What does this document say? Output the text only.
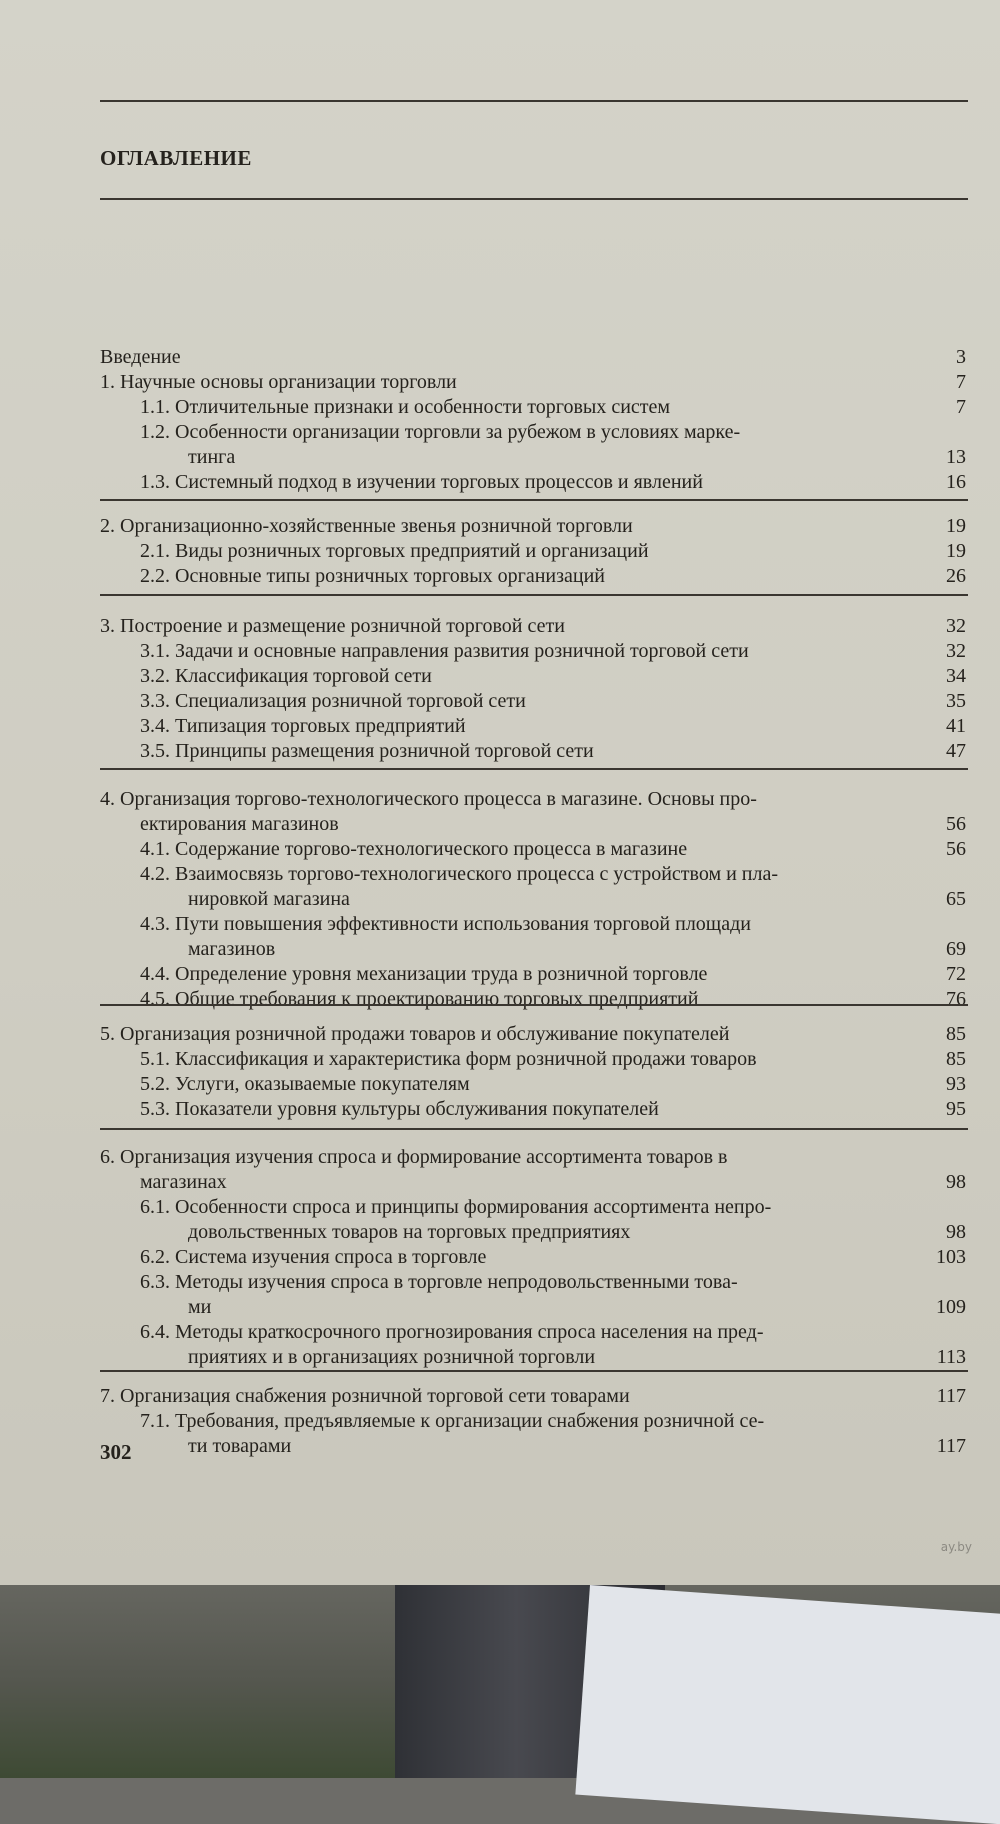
ОГЛАВЛЕНИЕ
Введение	3
1. Научные основы организации торговли	7
1.1. Отличительные признаки и особенности торговых систем	7
1.2. Особенности организации торговли за рубежом в условиях марке-
тинга	13
1.3. Системный подход в изучении торговых процессов и явлений	16
2. Организационно-хозяйственные звенья розничной торговли	19
2.1. Виды розничных торговых предприятий и организаций	19
2.2. Основные типы розничных торговых организаций	26
3. Построение и размещение розничной торговой сети	32
3.1. Задачи и основные направления развития розничной торговой сети	32
3.2. Классификация торговой сети	34
3.3. Специализация розничной торговой сети	35
3.4. Типизация торговых предприятий	41
3.5. Принципы размещения розничной торговой сети	47
4. Организация торгово-технологического процесса в магазине. Основы про-
ектирования магазинов	56
4.1. Содержание торгово-технологического процесса в магазине	56
4.2. Взаимосвязь торгово-технологического процесса с устройством и пла-
нировкой магазина	65
4.3. Пути повышения эффективности использования торговой площади
магазинов	69
4.4. Определение уровня механизации труда в розничной торговле	72
4.5. Общие требования к проектированию торговых предприятий	76
5. Организация розничной продажи товаров и обслуживание покупателей	85
5.1. Классификация и характеристика форм розничной продажи товаров	85
5.2. Услуги, оказываемые покупателям	93
5.3. Показатели уровня культуры обслуживания покупателей	95
6. Организация изучения спроса и формирование ассортимента товаров в
магазинах	98
6.1. Особенности спроса и принципы формирования ассортимента непро-
довольственных товаров на торговых предприятиях	98
6.2. Система изучения спроса в торговле	103
6.3. Методы изучения спроса в торговле непродовольственными това-
ми	109
6.4. Методы краткосрочного прогнозирования спроса населения на пред-
приятиях и в организациях розничной торговли	113
7. Организация снабжения розничной торговой сети товарами	117
7.1. Требования, предъявляемые к организации снабжения розничной се-
ти товарами	117
302
ay.by
